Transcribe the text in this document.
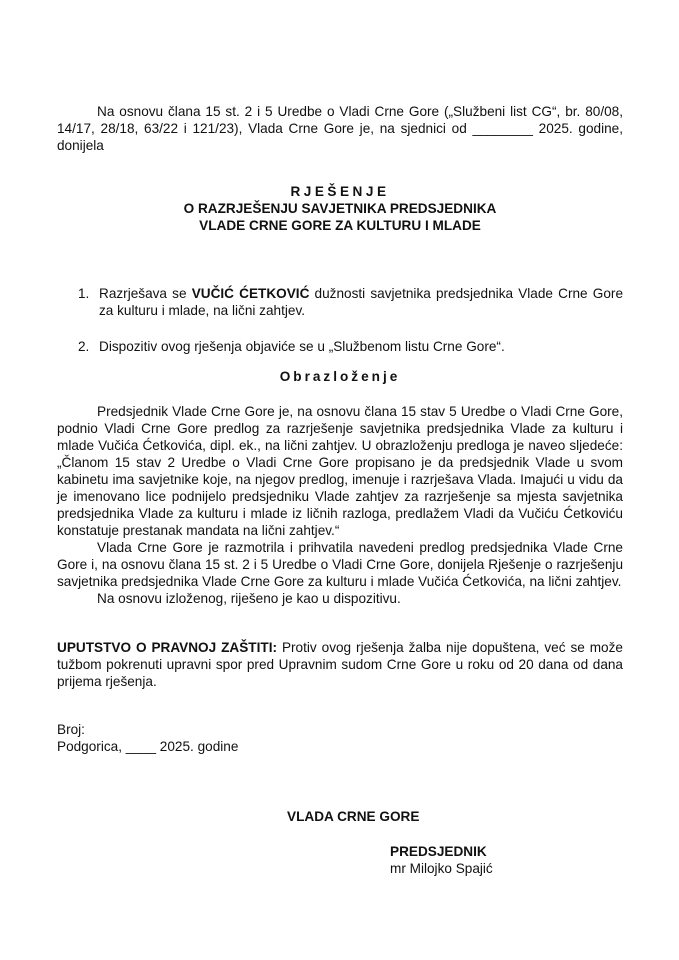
Na osnovu člana 15 st. 2 i 5 Uredbe o Vladi Crne Gore („Službeni list CG“, br. 80/08, 14/17, 28/18, 63/22 i 121/23), Vlada Crne Gore je, na sjednici od ________ 2025. godine, donijela

RJEŠENJE

O RAZRJEŠENJU SAVJETNIKA PREDSJEDNIKA

VLADE CRNE GORE ZA KULTURU I MLADE

1. Razrješava se VUČIĆ ĆETKOVIĆ dužnosti savjetnika predsjednika Vlade Crne Gore za kulturu i mlade, na lični zahtjev.
2. Dispozitiv ovog rješenja objaviće se u „Službenom listu Crne Gore“.

Obrazloženje

Predsjednik Vlade Crne Gore je, na osnovu člana 15 stav 5 Uredbe o Vladi Crne Gore, podnio Vladi Crne Gore predlog za razrješenje savjetnika predsjednika Vlade za kulturu i mlade Vučića Ćetkovića, dipl. ek., na lični zahtjev. U obrazloženju predloga je naveo sljedeće: „Članom 15 stav 2 Uredbe o Vladi Crne Gore propisano je da predsjednik Vlade u svom kabinetu ima savjetnike koje, na njegov predlog, imenuje i razrješava Vlada. Imajući u vidu da je imenovano lice podnijelo predsjedniku Vlade zahtjev za razrješenje sa mjesta savjetnika predsjednika Vlade za kulturu i mlade iz ličnih razloga, predlažem Vladi da Vučiću Ćetkoviću konstatuje prestanak mandata na lični zahtjev.“

Vlada Crne Gore je razmotrila i prihvatila navedeni predlog predsjednika Vlade Crne Gore i, na osnovu člana 15 st. 2 i 5 Uredbe o Vladi Crne Gore, donijela Rješenje o razrješenju savjetnika predsjednika Vlade Crne Gore za kulturu i mlade Vučića Ćetkovića, na lični zahtjev.

Na osnovu izloženog, riješeno je kao u dispozitivu.

UPUTSTVO O PRAVNOJ ZAŠTITI: Protiv ovog rješenja žalba nije dopuštena, već se može tužbom pokrenuti upravni spor pred Upravnim sudom Crne Gore u roku od 20 dana od dana prijema rješenja.

Broj:

Podgorica, ____ 2025. godine

VLADA CRNE GORE

PREDSJEDNIK

mr Milojko Spajić
